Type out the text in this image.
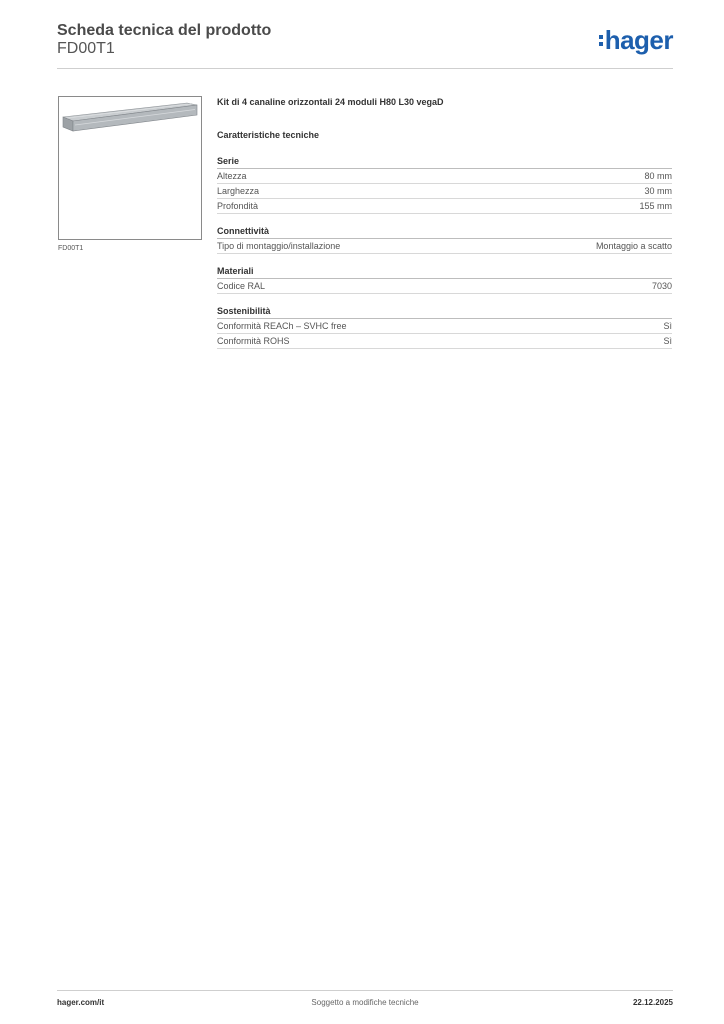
Scheda tecnica del prodotto
FD00T1	hager
FD00T1
Kit di 4 canaline orizzontali 24 moduli H80 L30 vegaD
Caratteristiche tecniche
Serie
Altezza	80 mm
Larghezza	30 mm
Profondità	155 mm
Connettività
Tipo di montaggio/installazione	Montaggio a scatto
Materiali
Codice RAL	7030
Sostenibilità
Conformità REACh – SVHC free	Sì
Conformità ROHS	Sì
hager.com/it	Soggetto a modifiche tecniche	22.12.2025
